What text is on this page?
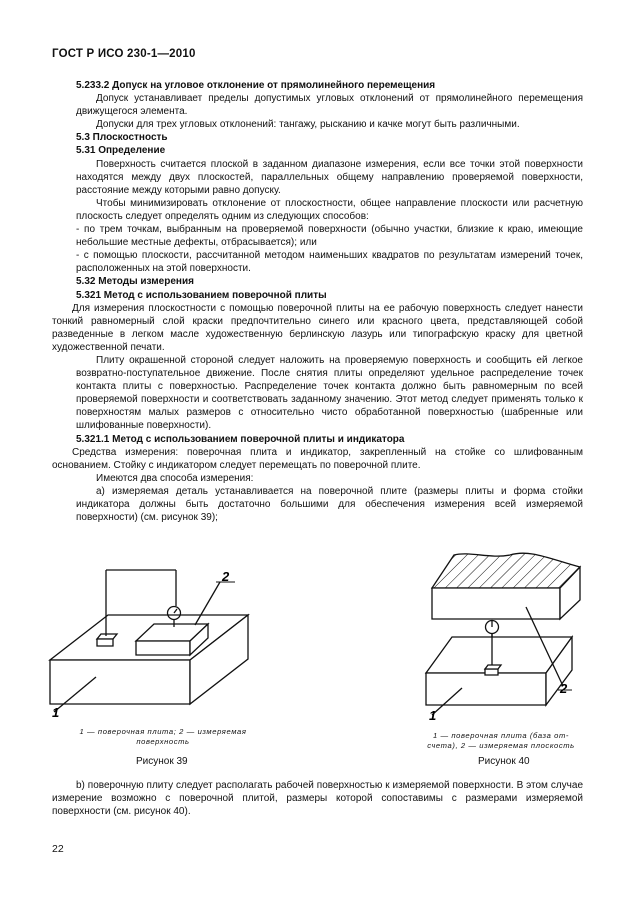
ГОСТ Р ИСО 230-1—2010

5.233.2 Допуск на угловое отклонение от прямолинейного перемещения

Допуск устанавливает пределы допустимых угловых отклонений от прямолинейного перемещения движущегося элемента.

Допуски для трех угловых отклонений: тангажу, рысканию и качке могут быть различными.

5.3 Плоскостность

5.31 Определение

Поверхность считается плоской в заданном диапазоне измерения, если все точки этой поверхности находятся между двух плоскостей, параллельных общему направлению проверяемой поверхности, расстояние между которыми равно допуску.

Чтобы минимизировать отклонение от плоскостности, общее направление плоскости или расчетную плоскость следует определять одним из следующих способов:

- по трем точкам, выбранным на проверяемой поверхности (обычно участки, близкие к краю, имеющие небольшие местные дефекты, отбрасывается); или

- с помощью плоскости, рассчитанной методом наименьших квадратов по результатам измерений точек, расположенных на этой поверхности.

5.32 Методы измерения

5.321 Метод с использованием поверочной плиты

Для измерения плоскостности с помощью поверочной плиты на ее рабочую поверхность следует нанести тонкий равномерный слой краски предпочтительно синего или красного цвета, представляющей собой разведенные в легком масле художественную берлинскую лазурь или типографскую краску для цветной художественной печати.

Плиту окрашенной стороной следует наложить на проверяемую поверхность и сообщить ей легкое возвратно-поступательное движение. После снятия плиты определяют удельное распределение точек контакта плиты с поверхностью. Распределение точек контакта должно быть равномерным по всей проверяемой поверхности и соответствовать заданному значению. Этот метод следует применять только к поверхностям малых размеров с относительно чисто обработанной поверхностью (шабренные или шлифованные поверхности).

5.321.1 Метод с использованием поверочной плиты и индикатора

Средства измерения: поверочная плита и индикатор, закрепленный на стойке со шлифованным основанием. Стойку с индикатором следует перемещать по поверочной плите.

Имеются два способа измерения:

a) измеряемая деталь устанавливается на поверочной плите (размеры плиты и форма стойки индикатора должны быть достаточно большими для обеспечения измерения всей измеряемой поверхности) (см. рисунок 39);

1
2
1 — поверочная плита; 2 — измеряемая
поверхность
Рисунок 39
1
2
1 — поверочная плита (база от-
счета), 2 — измеряемая плоскость
Рисунок 40

b) поверочную плиту следует располагать рабочей поверхностью к измеряемой поверхности. В этом случае измерение возможно с поверочной плитой, размеры которой сопоставимы с размерами измеряемой поверхности (см. рисунок 40).

22
